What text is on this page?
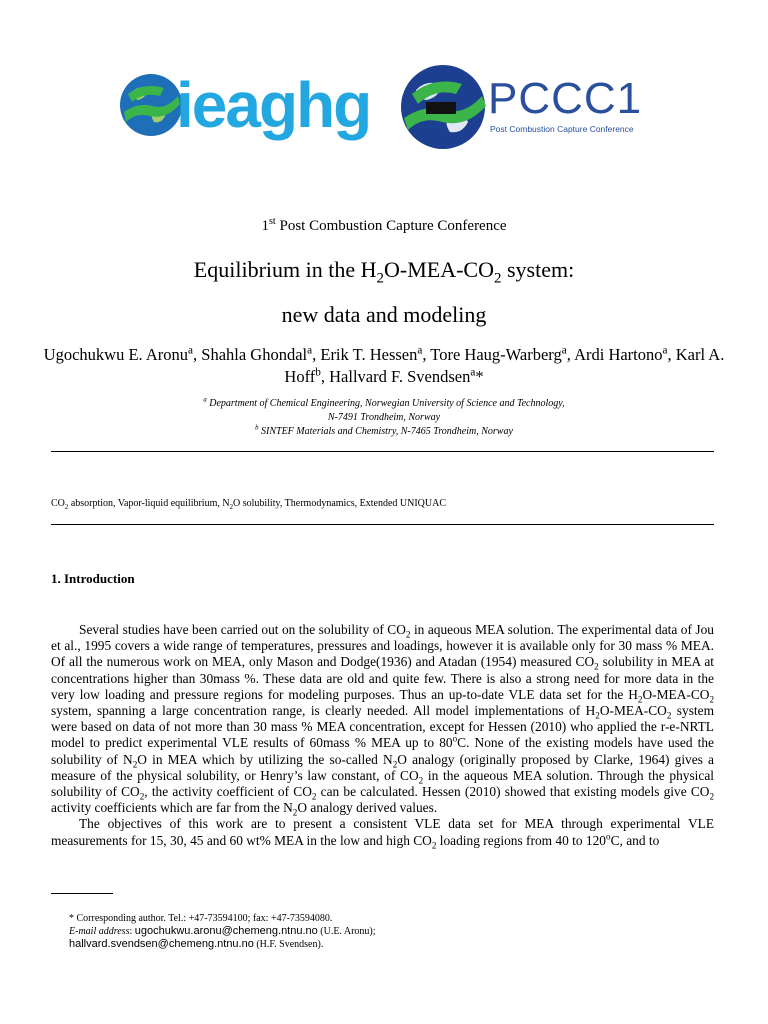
ieaghg	PCCC1
Post Combustion Capture Conference
1st Post Combustion Capture Conference
Equilibrium in the $H_2O-MEA-CO_2$ system:
new data and modeling
Ugochukwu E. Aronu$^a$, Shahla Ghondal$^a$, Erik T. Hessen$^a$, Tore Haug-Warberg$^a$, Ardi Hartono$^a$, Karl A. Hoff$^b$, Hallvard F. Svendsen$^a$*
$^a$ Department of Chemical Engineering, Norwegian University of Science and Technology,
N-7491 Trondheim, Norway
$^b$ SINTEF Materials and Chemistry, N-7465 Trondheim, Norway
$CO_2$ absorption, Vapor-liquid equilibrium, $N_2O$ solubility, Thermodynamics, Extended UNIQUAC
1. Introduction

Several studies have been carried out on the solubility of $CO_2$ in aqueous MEA solution. The experimental data of Jou et al., 1995 covers a wide range of temperatures, pressures and loadings, however it is available only for 30 mass % MEA. Of all the numerous work on MEA, only Mason and Dodge(1936) and Atadan (1954) measured $CO_2$ solubility in MEA at concentrations higher than 30mass %. These data are old and quite few. There is also a strong need for more data in the very low loading and pressure regions for modeling purposes. Thus an up-to-date VLE data set for the $H_2O-MEA-CO_2$ system, spanning a large concentration range, is clearly needed. All model implementations of $H_2O-MEA-CO_2$ system were based on data of not more than 30 mass % MEA concentration, except for Hessen (2010) who applied the r-e-NRTL model to predict experimental VLE results of 60mass % MEA up to 80$^o$C. None of the existing models have used the solubility of $N_2O$ in MEA which by utilizing the so-called $N_2O$ analogy (originally proposed by Clarke, 1964) gives a measure of the physical solubility, or Henry’s law constant, of $CO_2$ in the aqueous MEA solution. Through the physical solubility of $CO_2$, the activity coefficient of $CO_2$ can be calculated. Hessen (2010) showed that existing models give $CO_2$ activity coefficients which are far from the $N_2O$ analogy derived values.

The objectives of this work are to present a consistent VLE data set for MEA through experimental VLE measurements for 15, 30, 45 and 60 wt% MEA in the low and high $CO_2$ loading regions from 40 to 120$^o$C, and to

* Corresponding author. Tel.: +47-73594100; fax: +47-73594080.
E-mail address: ugochukwu.aronu@chemeng.ntnu.no (U.E. Aronu);
hallvard.svendsen@chemeng.ntnu.no (H.F. Svendsen).
